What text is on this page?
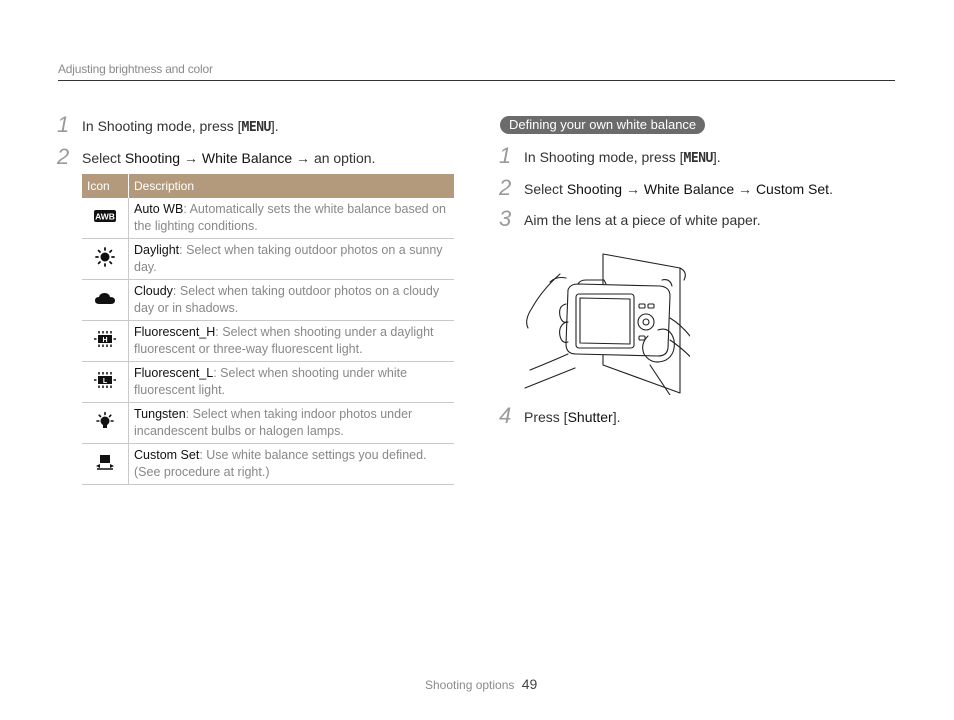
Adjusting brightness and color
1 In Shooting mode, press [MENU].
2 Select Shooting → White Balance → an option.
Icon	Description

AWB	Auto WB: Automatically sets the white balance based on the lighting conditions.
	Daylight: Select when taking outdoor photos on a sunny day.
	Cloudy: Select when taking outdoor photos on a cloudy day or in shadows.

H	Fluorescent_H: Select when shooting under a daylight fluorescent or three-way fluorescent light.

L	Fluorescent_L: Select when shooting under white fluorescent light.
	Tungsten: Select when taking indoor photos under incandescent bulbs or halogen lamps.
	Custom Set: Use white balance settings you defined. (See procedure at right.)
Defining your own white balance
1 In Shooting mode, press [MENU].
2 Select Shooting → White Balance → Custom Set.
3 Aim the lens at a piece of white paper.
4 Press [Shutter].
Shooting options 49
